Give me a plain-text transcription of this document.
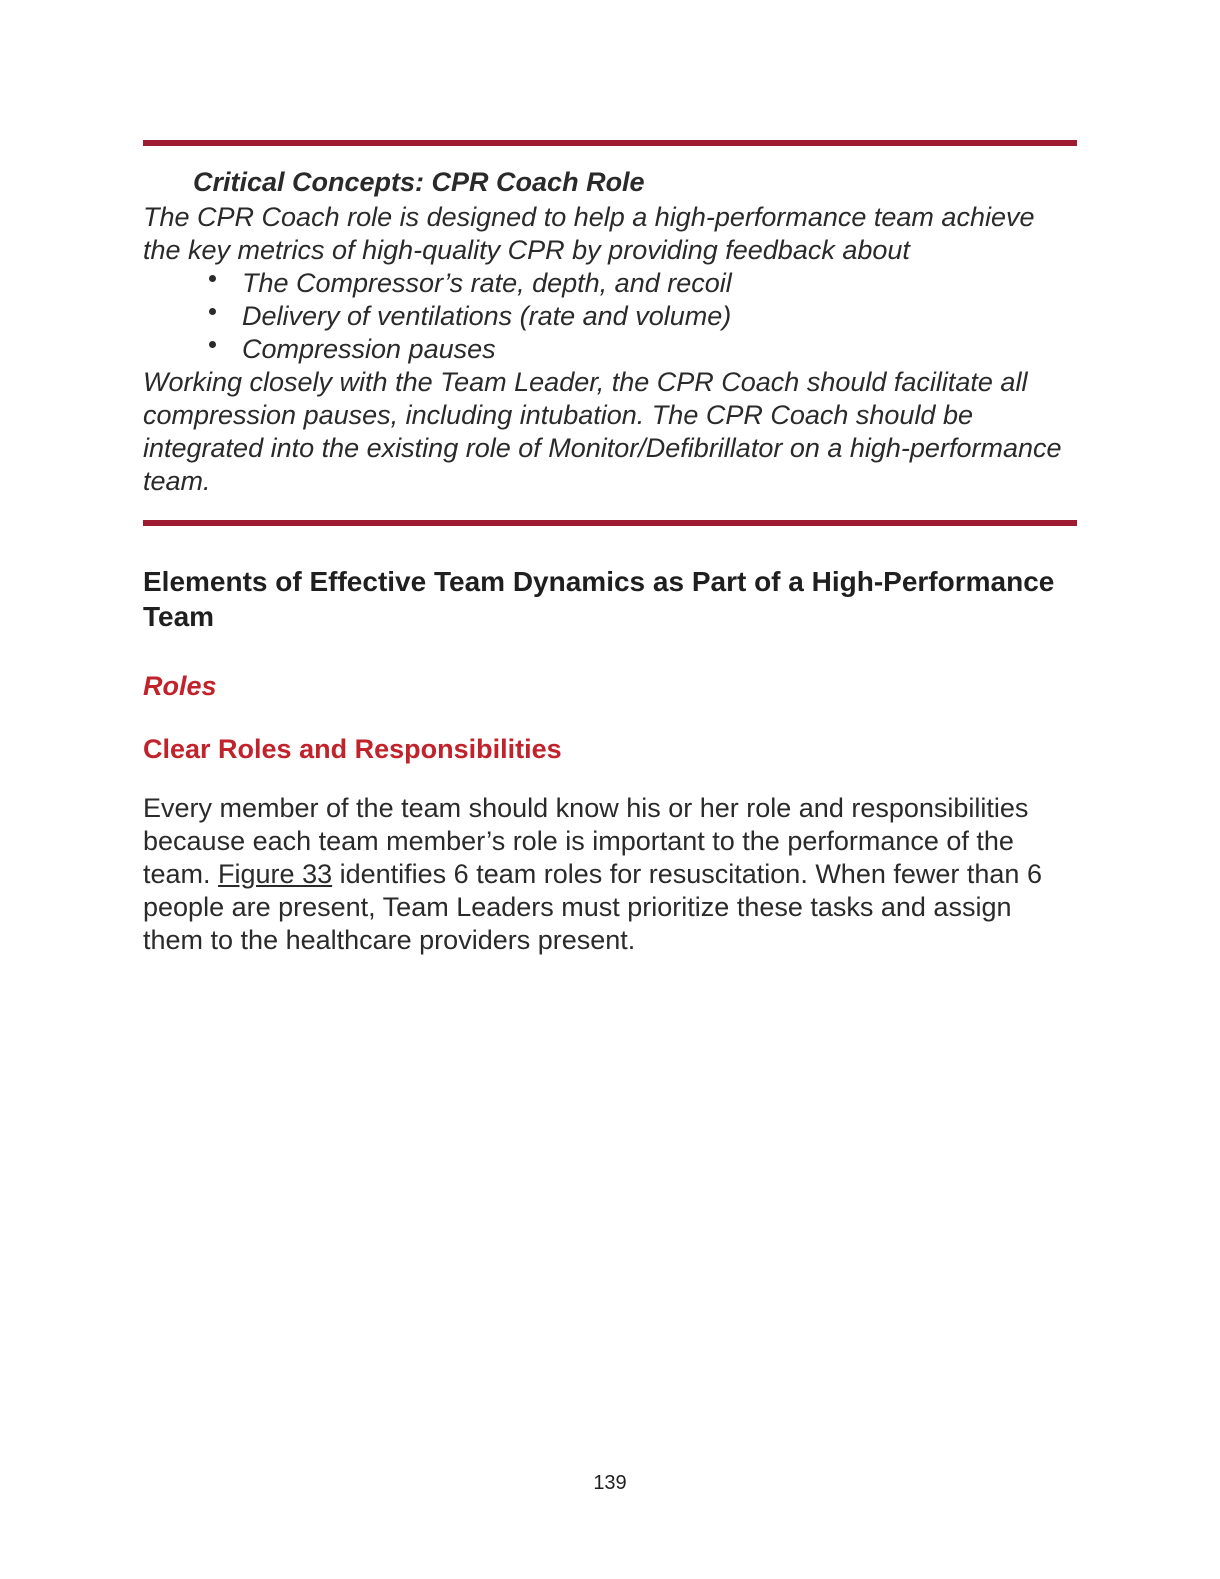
Critical Concepts: CPR Coach Role

The CPR Coach role is designed to help a high-performance team achieve the key metrics of high-quality CPR by providing feedback about

The Compressor’s rate, depth, and recoil
Delivery of ventilations (rate and volume)
Compression pauses

Working closely with the Team Leader, the CPR Coach should facilitate all compression pauses, including intubation. The CPR Coach should be integrated into the existing role of Monitor/Defibrillator on a high-performance team.

Elements of Effective Team Dynamics as Part of a High-Performance Team
Roles
Clear Roles and Responsibilities

Every member of the team should know his or her role and responsibilities because each team member’s role is important to the performance of the team. Figure 33 identifies 6 team roles for resuscitation. When fewer than 6 people are present, Team Leaders must prioritize these tasks and assign them to the healthcare providers present.

139
